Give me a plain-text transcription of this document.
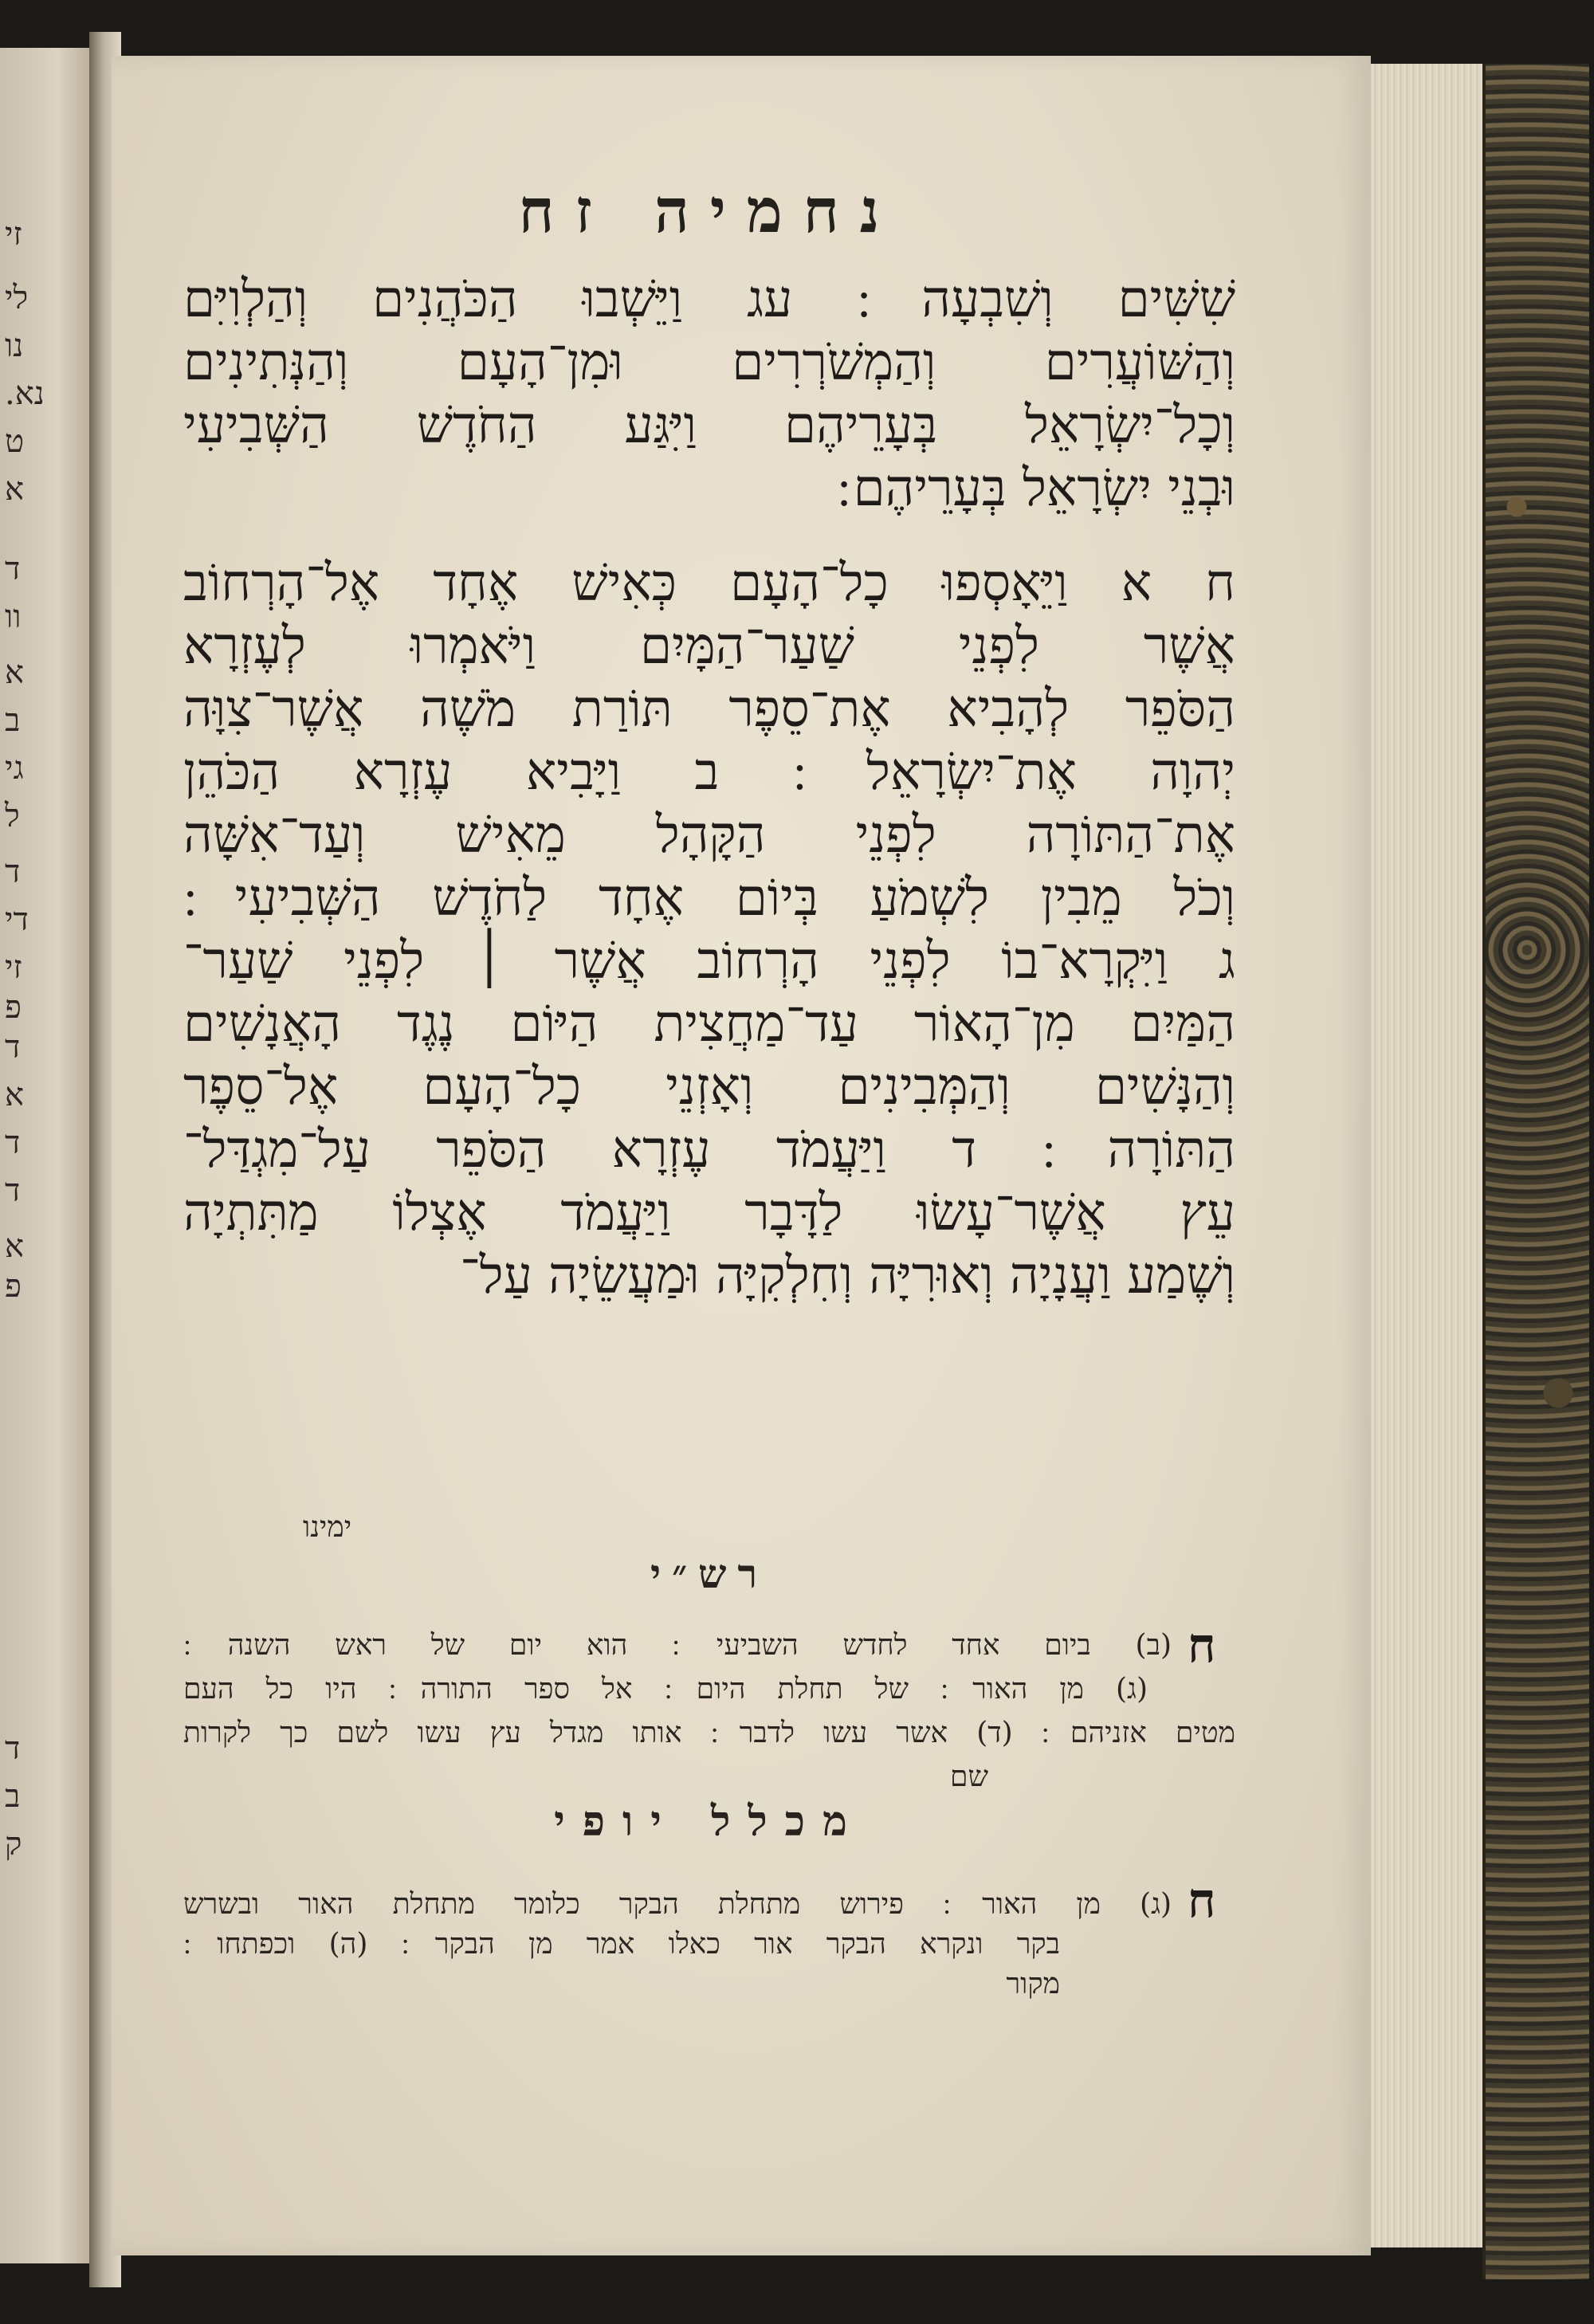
זי
לי
נו
נא.
ט
א
ד
וו
א
ב
גי
ל
ד
די
זי
פ
ד
א
ד
ד
א
פ
ד
ב
ק
נחמיה זח
שִׁשִּׁים וְשִׁבְעָה ׃ עג וַיֵּשְׁבוּ הַכֹּהֲנִים וְהַלְוִיִּם
וְהַשּׁוֹעֲרִים וְהַמְשֹׁרְרִים וּמִן־הָעָם וְהַנְּתִינִים
וְכָל־יִשְׂרָאֵל בְּעָרֵיהֶם וַיִּגַּע הַחֹדֶשׁ הַשְּׁבִיעִי
וּבְנֵי יִשְׂרָאֵל בְּעָרֵיהֶם ׃
ח א וַיֵּאָסְפוּ כָל־הָעָם כְּאִישׁ אֶחָד אֶל־הָרְחוֹב
אֲשֶׁר לִפְנֵי שַׁעַר־הַמָּיִם וַיֹּאמְרוּ לְעֶזְרָא
הַסֹּפֵר לְהָבִיא אֶת־סֵפֶר תּוֹרַת מֹשֶׁה אֲשֶׁר־צִוָּה
יְהוָה אֶת־יִשְׂרָאֵל ׃ ב וַיָּבִיא עֶזְרָא הַכֹּהֵן
אֶת־הַתּוֹרָה לִפְנֵי הַקָּהָל מֵאִישׁ וְעַד־אִשָּׁה
וְכֹל מֵבִין לִשְׁמֹעַ בְּיוֹם אֶחָד לַחֹדֶשׁ הַשְּׁבִיעִי ׃
ג וַיִּקְרָא־בוֹ לִפְנֵי הָרְחוֹב אֲשֶׁר ׀ לִפְנֵי שַׁעַר־
הַמַּיִם מִן־הָאוֹר עַד־מַחֲצִית הַיּוֹם נֶגֶד הָאֲנָשִׁים
וְהַנָּשִׁים וְהַמְּבִינִים וְאָזְנֵי כָל־הָעָם אֶל־סֵפֶר
הַתּוֹרָה ׃ ד וַיַּעֲמֹד עֶזְרָא הַסֹּפֵר עַל־מִגְדַּל־
עֵץ אֲשֶׁר־עָשׂוּ לַדָּבָר וַיַּעֲמֹד אֶצְלוֹ מַתִּתְיָה
וְשֶׁמַע וַעֲנָיָה וְאוּרִיָּה וְחִלְקִיָּה וּמַעֲשֵׂיָה עַל־
ימינו
רש״י
ח
(ב) ביום אחד לחדש השביעי ׃ הוא יום של ראש השנה ׃
(ג) מן האור ׃ של תחלת היום ׃ אל ספר התורה ׃ היו כל העם
מטים אזניהם ׃ (ד) אשר עשו לדבר ׃ אותו מגדל עץ עשו לשם כך לקרות
שם
מכלל יופי
ח
(ג) מן האור ׃ פירוש מתחלת הבקר כלומר מתחלת האור ובשרש
בקר ונקרא הבקר אור כאלו אמר מן הבקר ׃ (ה) וכפתחו ׃
מקור
